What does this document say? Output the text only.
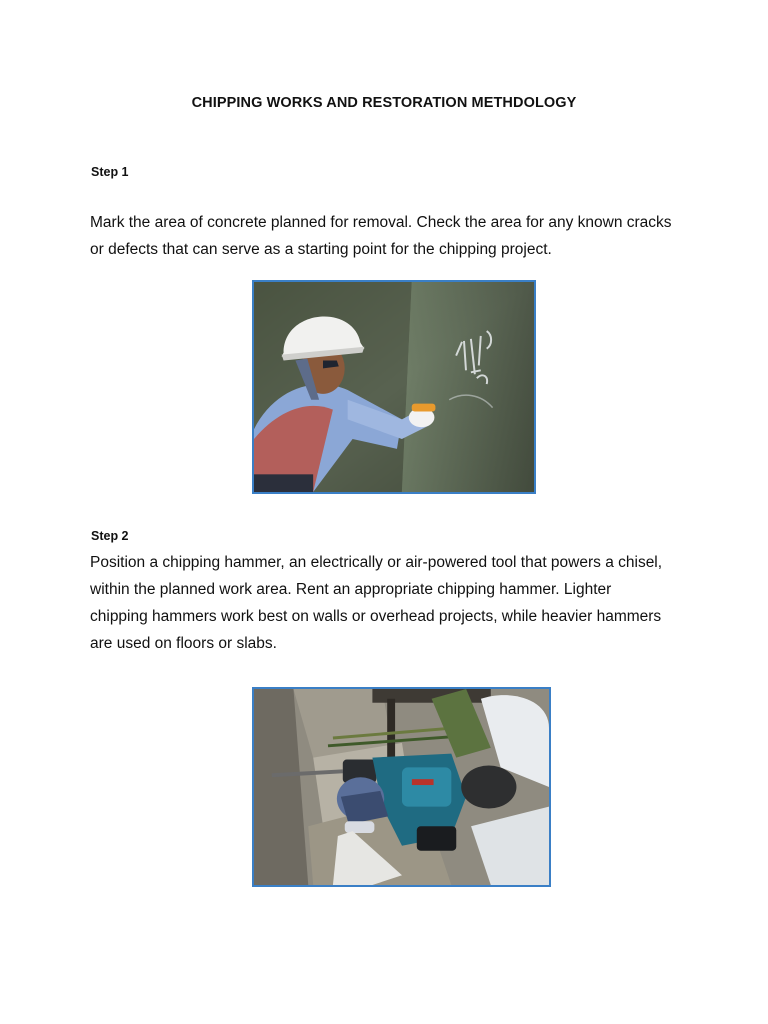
CHIPPING WORKS AND RESTORATION METHDOLOGY
Step 1
Mark the area of concrete planned for removal. Check the area for any known cracks
or defects that can serve as a starting point for the chipping project.
Step 2
Position a chipping hammer, an electrically or air-powered tool that powers a chisel,
within the planned work area. Rent an appropriate chipping hammer. Lighter
chipping hammers work best on walls or overhead projects, while heavier hammers
are used on floors or slabs.
